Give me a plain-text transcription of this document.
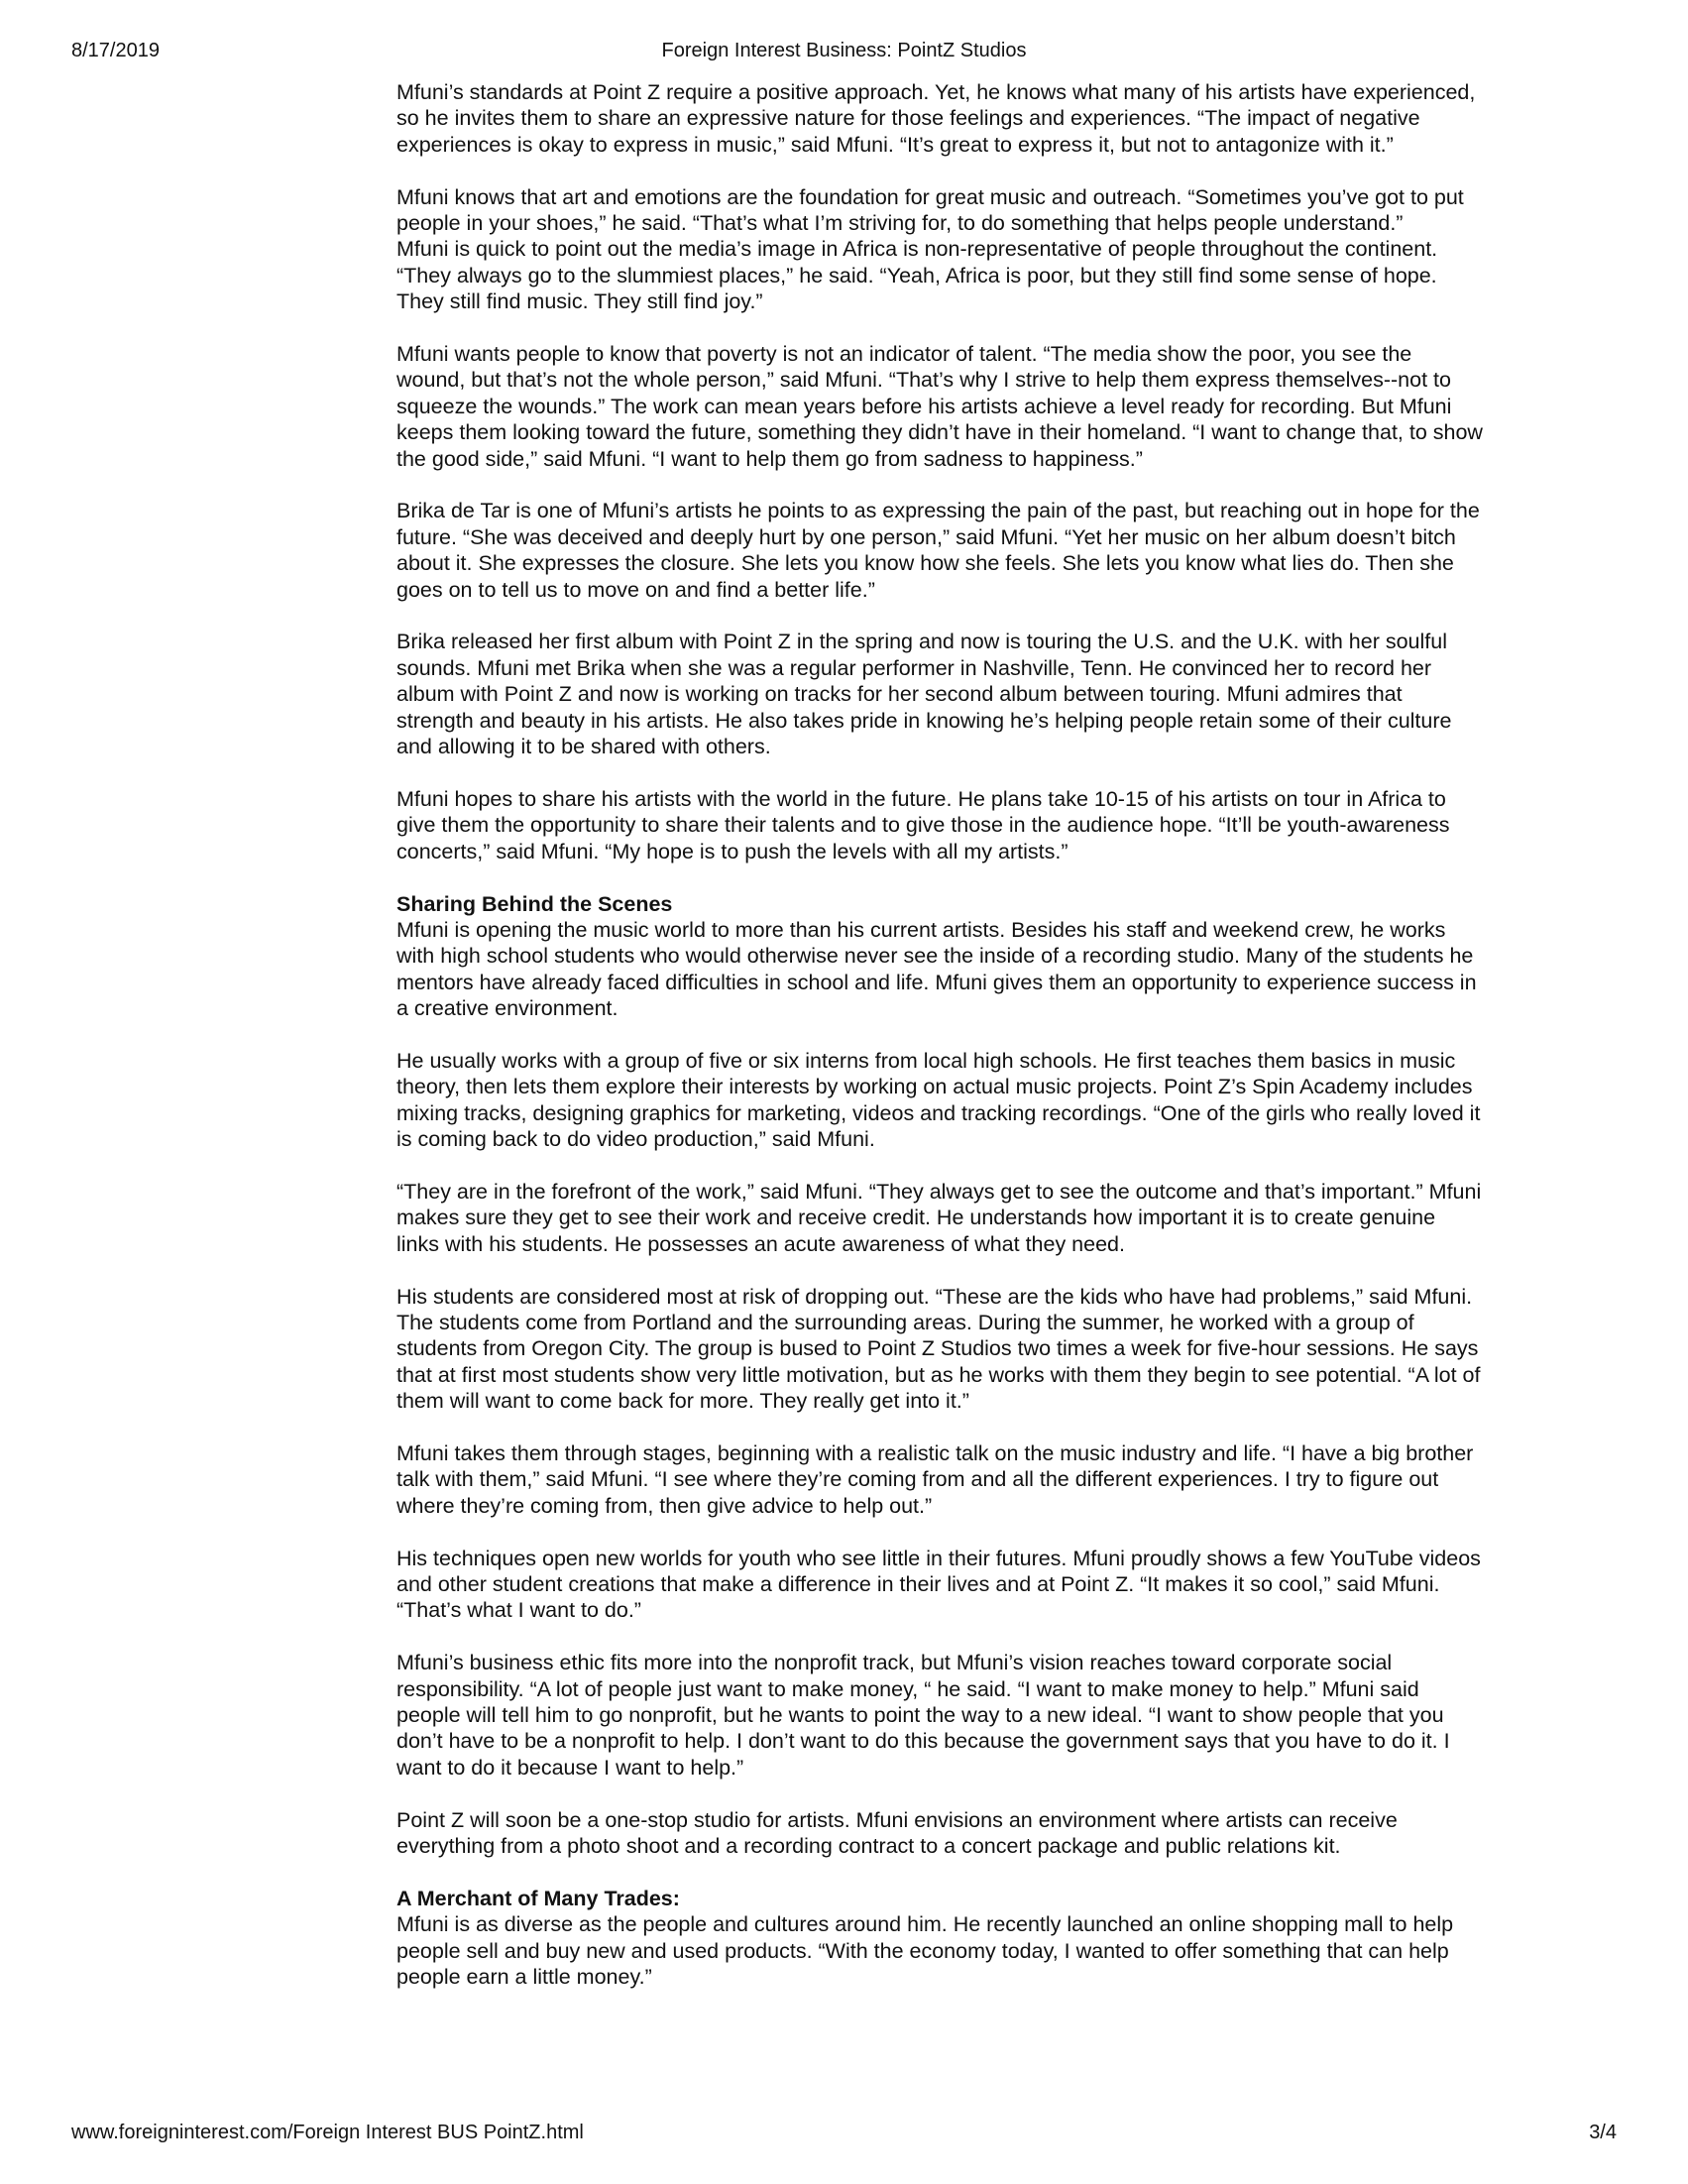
8/17/2019	Foreign Interest Business: PointZ Studios

Mfuni’s standards at Point Z require a positive approach. Yet, he knows what many of his artists have experienced, so he invites them to share an expressive nature for those feelings and experiences. “The impact of negative experiences is okay to express in music,” said Mfuni. “It’s great to express it, but not to antagonize with it.”

Mfuni knows that art and emotions are the foundation for great music and outreach. “Sometimes you’ve got to put people in your shoes,” he said. “That’s what I’m striving for, to do something that helps people understand.”

Mfuni is quick to point out the media’s image in Africa is non-representative of people throughout the continent. “They always go to the slummiest places,” he said. “Yeah, Africa is poor, but they still find some sense of hope. They still find music. They still find joy.”

Mfuni wants people to know that poverty is not an indicator of talent. “The media show the poor, you see the wound, but that’s not the whole person,” said Mfuni. “That’s why I strive to help them express themselves--not to squeeze the wounds.” The work can mean years before his artists achieve a level ready for recording. But Mfuni keeps them looking toward the future, something they didn’t have in their homeland. “I want to change that, to show the good side,” said Mfuni. “I want to help them go from sadness to happiness.”

Brika de Tar is one of Mfuni’s artists he points to as expressing the pain of the past, but reaching out in hope for the future. “She was deceived and deeply hurt by one person,” said Mfuni. “Yet her music on her album doesn’t bitch about it. She expresses the closure. She lets you know how she feels. She lets you know what lies do. Then she goes on to tell us to move on and find a better life.”

Brika released her first album with Point Z in the spring and now is touring the U.S. and the U.K. with her soulful sounds. Mfuni met Brika when she was a regular performer in Nashville, Tenn. He convinced her to record her album with Point Z and now is working on tracks for her second album between touring. Mfuni admires that strength and beauty in his artists. He also takes pride in knowing he’s helping people retain some of their culture and allowing it to be shared with others.

Mfuni hopes to share his artists with the world in the future. He plans take 10-15 of his artists on tour in Africa to give them the opportunity to share their talents and to give those in the audience hope. “It’ll be youth-awareness concerts,” said Mfuni. “My hope is to push the levels with all my artists.”

Sharing Behind the Scenes

Mfuni is opening the music world to more than his current artists. Besides his staff and weekend crew, he works with high school students who would otherwise never see the inside of a recording studio. Many of the students he mentors have already faced difficulties in school and life. Mfuni gives them an opportunity to experience success in a creative environment.

He usually works with a group of five or six interns from local high schools. He first teaches them basics in music theory, then lets them explore their interests by working on actual music projects. Point Z’s Spin Academy includes mixing tracks, designing graphics for marketing, videos and tracking recordings. “One of the girls who really loved it is coming back to do video production,” said Mfuni.

“They are in the forefront of the work,” said Mfuni. “They always get to see the outcome and that’s important.” Mfuni makes sure they get to see their work and receive credit. He understands how important it is to create genuine links with his students. He possesses an acute awareness of what they need.

His students are considered most at risk of dropping out. “These are the kids who have had problems,” said Mfuni. The students come from Portland and the surrounding areas. During the summer, he worked with a group of students from Oregon City. The group is bused to Point Z Studios two times a week for five-hour sessions. He says that at first most students show very little motivation, but as he works with them they begin to see potential. “A lot of them will want to come back for more. They really get into it.”

Mfuni takes them through stages, beginning with a realistic talk on the music industry and life. “I have a big brother talk with them,” said Mfuni. “I see where they’re coming from and all the different experiences. I try to figure out where they’re coming from, then give advice to help out.”

His techniques open new worlds for youth who see little in their futures. Mfuni proudly shows a few YouTube videos and other student creations that make a difference in their lives and at Point Z. “It makes it so cool,” said Mfuni. “That’s what I want to do.”

Mfuni’s business ethic fits more into the nonprofit track, but Mfuni’s vision reaches toward corporate social responsibility. “A lot of people just want to make money, “ he said. “I want to make money to help.” Mfuni said people will tell him to go nonprofit, but he wants to point the way to a new ideal. “I want to show people that you don’t have to be a nonprofit to help. I don’t want to do this because the government says that you have to do it. I want to do it because I want to help.”

Point Z will soon be a one-stop studio for artists. Mfuni envisions an environment where artists can receive everything from a photo shoot and a recording contract to a concert package and public relations kit.

A Merchant of Many Trades:

Mfuni is as diverse as the people and cultures around him. He recently launched an online shopping mall to help people sell and buy new and used products. “With the economy today, I wanted to offer something that can help people earn a little money.”

www.foreigninterest.com/Foreign Interest BUS PointZ.html	3/4
